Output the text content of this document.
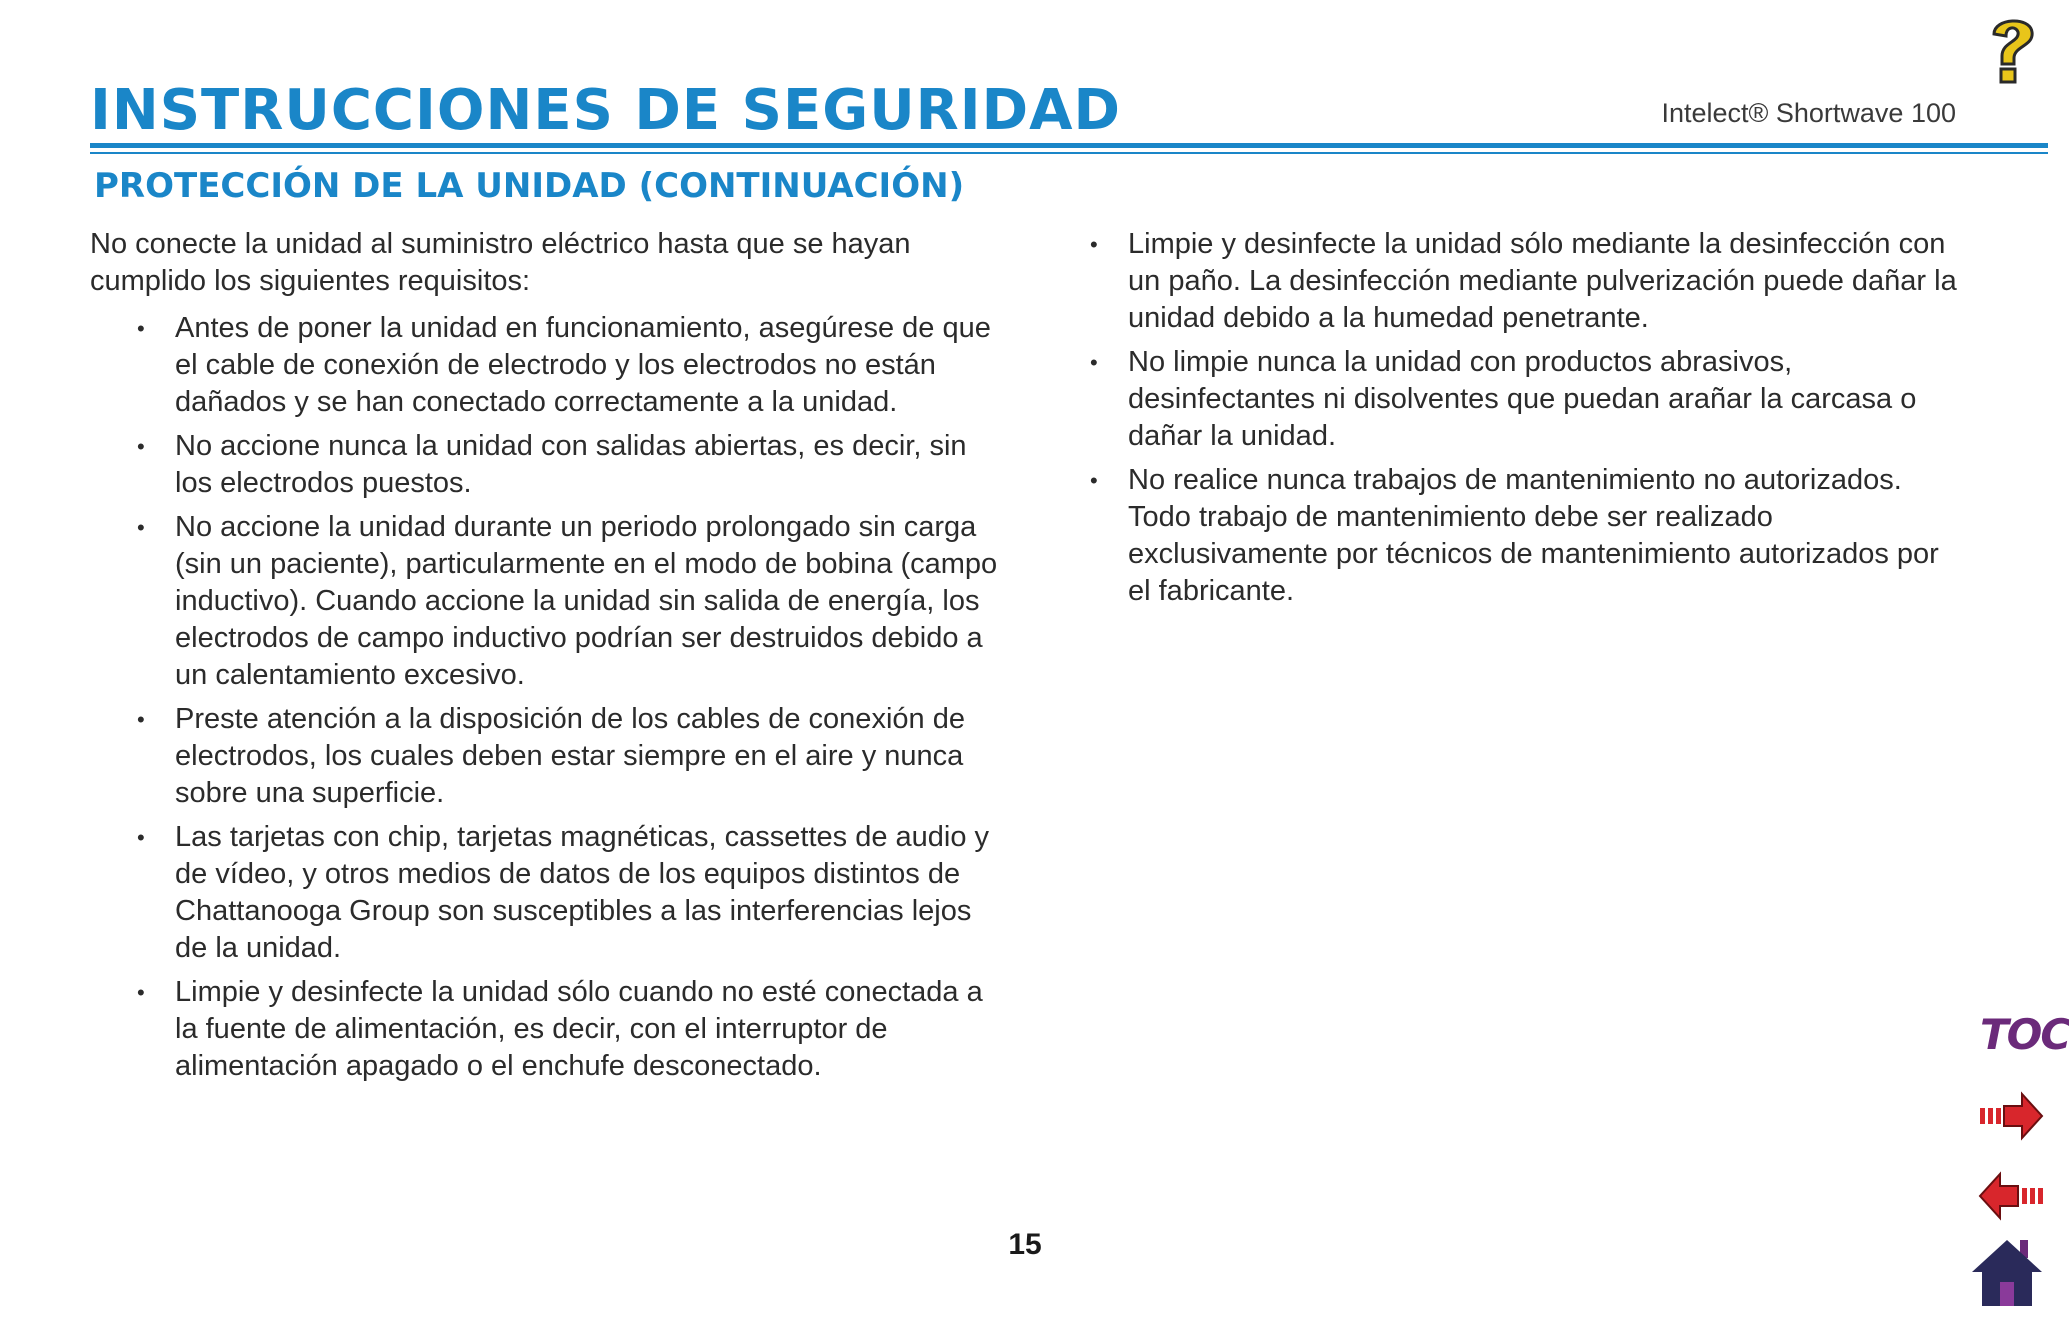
INSTRUCCIONES DE SEGURIDAD	Intelect® Shortwave 100
PROTECCIÓN DE LA UNIDAD (CONTINUACIÓN)

No conecte la unidad al suministro eléctrico hasta que se hayan cumplido los siguientes requisitos:

• Antes de poner la unidad en funcionamiento, asegúrese de que el cable de conexión de electrodo y los electrodos no están dañados y se han conectado correctamente a la unidad.
• No accione nunca la unidad con salidas abiertas, es decir, sin los electrodos puestos.
• No accione la unidad durante un periodo prolongado sin carga (sin un paciente), particularmente en el modo de bobina (campo inductivo). Cuando accione la unidad sin salida de energía, los electrodos de campo inductivo podrían ser destruidos debido a un calentamiento excesivo.
• Preste atención a la disposición de los cables de conexión de electrodos, los cuales deben estar siempre en el aire y nunca sobre una superficie.
• Las tarjetas con chip, tarjetas magnéticas, cassettes de audio y de vídeo, y otros medios de datos de los equipos distintos de Chattanooga Group son susceptibles a las interferencias lejos de la unidad.
• Limpie y desinfecte la unidad sólo cuando no esté conectada a la fuente de alimentación, es decir, con el interruptor de alimentación apagado o el enchufe desconectado.
• Limpie y desinfecte la unidad sólo mediante la desinfección con un paño. La desinfección mediante pulverización puede dañar la unidad debido a la humedad penetrante.
• No limpie nunca la unidad con productos abrasivos, desinfectantes ni disolventes que puedan arañar la carcasa o dañar la unidad.
• No realice nunca trabajos de mantenimiento no autorizados. Todo trabajo de mantenimiento debe ser realizado exclusivamente por técnicos de mantenimiento autorizados por el fabricante.
15
TOC
